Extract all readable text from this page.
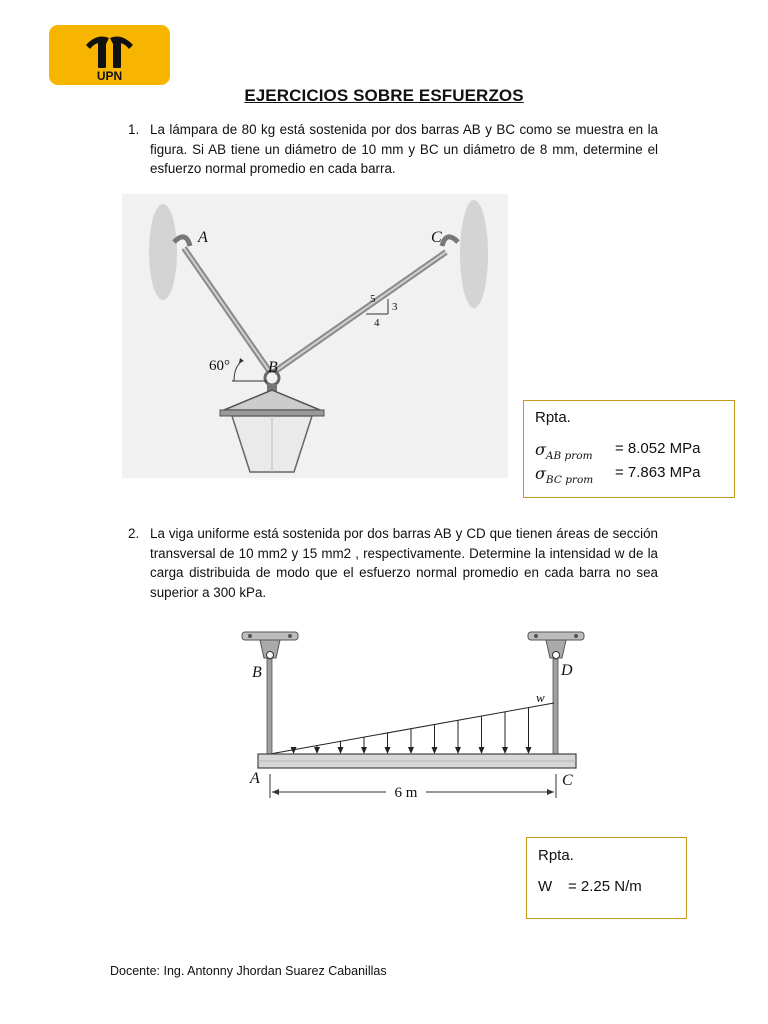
UPN
EJERCICIOS SOBRE ESFUERZOS
1. La lámpara de 80 kg está sostenida por dos barras AB y BC como se muestra en la figura. Si AB tiene un diámetro de 10 mm y BC un diámetro de 8 mm, determine el esfuerzo normal promedio en cada barra.
A
B
C
60°
5
3
4
Rpta.
$\sigma_{AB prom} = 8.052$ MPa
$\sigma_{BC prom} = 7.863$ MPa
2. La viga uniforme está sostenida por dos barras AB y CD que tienen áreas de sección transversal de 10 mm2 y 15 mm2 , respectivamente. Determine la intensidad w de la carga distribuida de modo que el esfuerzo normal promedio en cada barra no sea superior a 300 kPa.
B	D
w
A	C
6 m
Rpta.
W = 2.25 N/m
Docente: Ing. Antonny Jhordan Suarez Cabanillas
